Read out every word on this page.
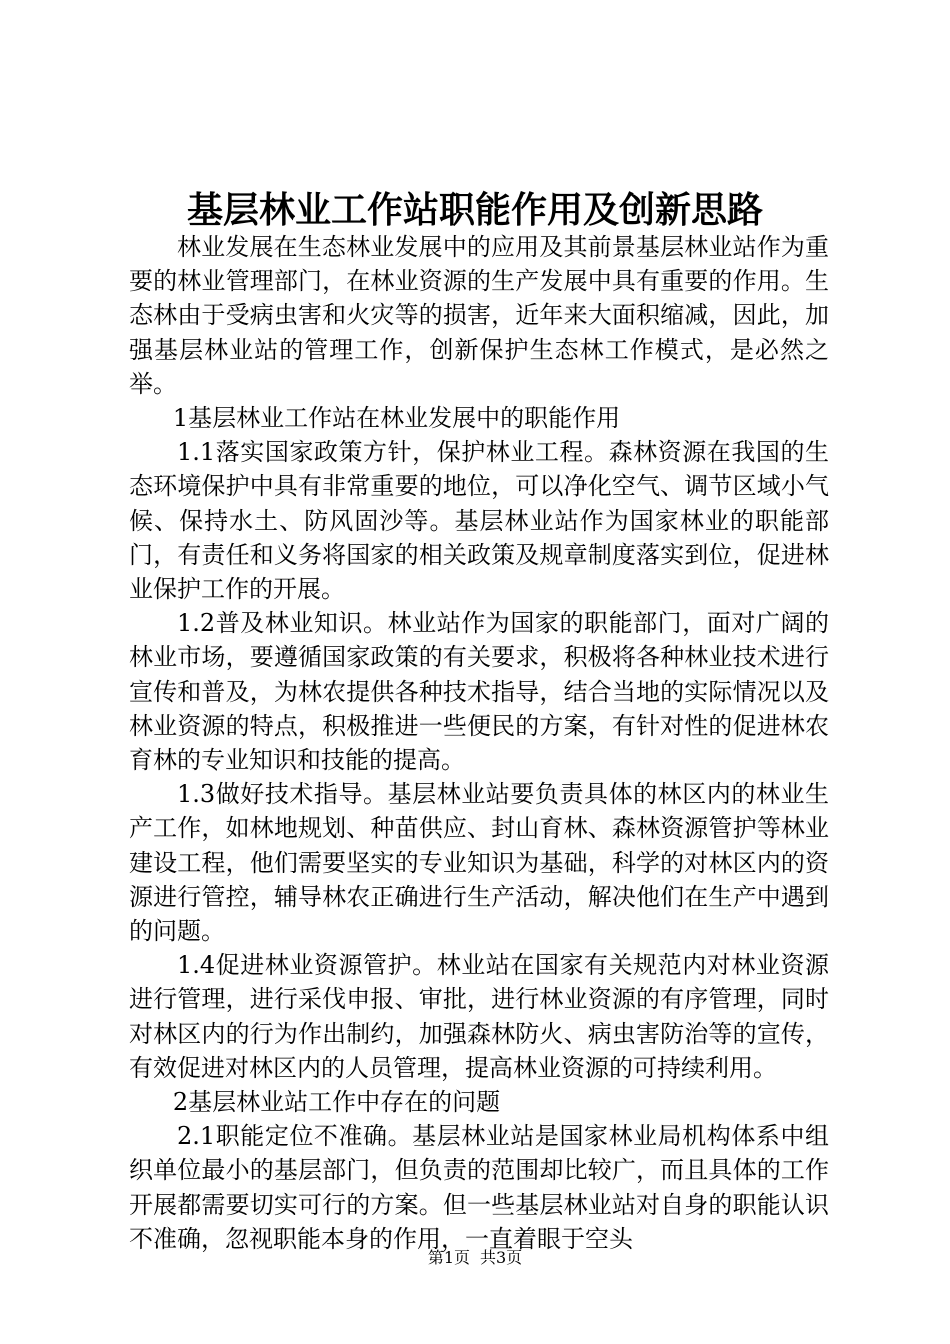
基层林业工作站职能作用及创新思路

林业发展在生态林业发展中的应用及其前景基层林业站作为重要的林业管理部门，在林业资源的生产发展中具有重要的作用。生态林由于受病虫害和火灾等的损害，近年来大面积缩减，因此，加强基层林业站的管理工作，创新保护生态林工作模式，是必然之举。

1基层林业工作站在林业发展中的职能作用

1.1落实国家政策方针，保护林业工程。森林资源在我国的生态环境保护中具有非常重要的地位，可以净化空气、调节区域小气候、保持水土、防风固沙等。基层林业站作为国家林业的职能部门，有责任和义务将国家的相关政策及规章制度落实到位，促进林业保护工作的开展。

1.2普及林业知识。林业站作为国家的职能部门，面对广阔的林业市场，要遵循国家政策的有关要求，积极将各种林业技术进行宣传和普及，为林农提供各种技术指导，结合当地的实际情况以及林业资源的特点，积极推进一些便民的方案，有针对性的促进林农育林的专业知识和技能的提高。

1.3做好技术指导。基层林业站要负责具体的林区内的林业生产工作，如林地规划、种苗供应、封山育林、森林资源管护等林业建设工程，他们需要坚实的专业知识为基础，科学的对林区内的资源进行管控，辅导林农正确进行生产活动，解决他们在生产中遇到的问题。

1.4促进林业资源管护。林业站在国家有关规范内对林业资源进行管理，进行采伐申报、审批，进行林业资源的有序管理，同时对林区内的行为作出制约，加强森林防火、病虫害防治等的宣传，有效促进对林区内的人员管理，提高林业资源的可持续利用。

2基层林业站工作中存在的问题

2.1职能定位不准确。基层林业站是国家林业局机构体系中组织单位最小的基层部门，但负责的范围却比较广，而且具体的工作开展都需要切实可行的方案。但一些基层林业站对自身的职能认识不准确，忽视职能本身的作用，一直着眼于空头

第1页 共3页
